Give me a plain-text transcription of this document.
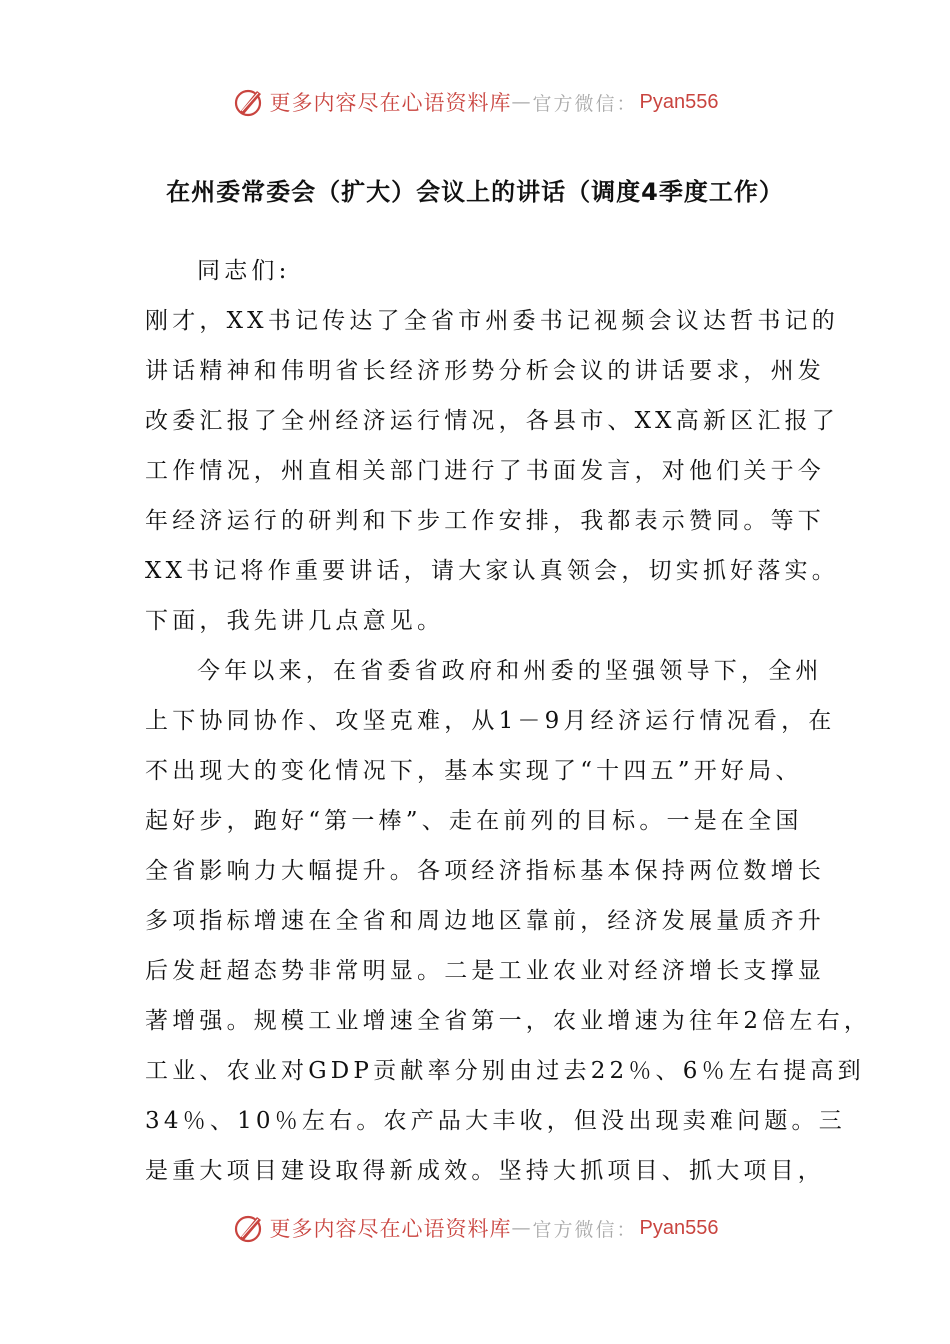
更多内容尽在心语资料库 — 官方微信： Pyan556
在州委常委会（扩大）会议上的讲话（调度4季度工作）
同志们:
刚才，XX书记传达了全省市州委书记视频会议达哲书记的
讲话精神和伟明省长经济形势分析会议的讲话要求，州发
改委汇报了全州经济运行情况，各县市、XX高新区汇报了
工作情况，州直相关部门进行了书面发言，对他们关于今
年经济运行的研判和下步工作安排，我都表示赞同。等下
XX书记将作重要讲话，请大家认真领会，切实抓好落实。
下面，我先讲几点意见。
今年以来，在省委省政府和州委的坚强领导下，全州
上下协同协作、攻坚克难，从1－9月经济运行情况看，在
不出现大的变化情况下，基本实现了“十四五”开好局、
起好步，跑好“第一棒”、走在前列的目标。一是在全国
全省影响力大幅提升。各项经济指标基本保持两位数增长
多项指标增速在全省和周边地区靠前，经济发展量质齐升
后发赶超态势非常明显。二是工业农业对经济增长支撑显
著增强。规模工业增速全省第一，农业增速为往年2倍左右，
工业、农业对GDP贡献率分别由过去22％、6％左右提高到
34％、10％左右。农产品大丰收，但没出现卖难问题。三
是重大项目建设取得新成效。坚持大抓项目、抓大项目，
更多内容尽在心语资料库 — 官方微信： Pyan556
